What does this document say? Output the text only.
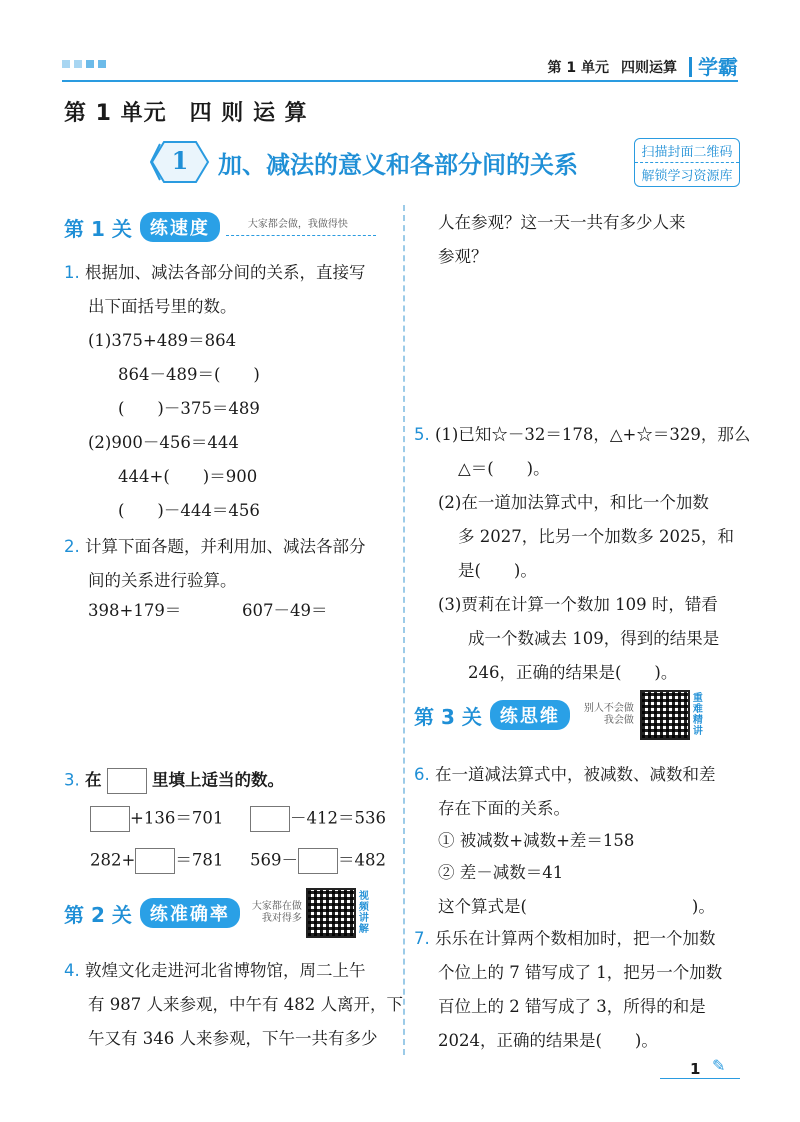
第 1 单元 四则运算	学霸
第 1 单元　四 则 运 算
1	加、减法的意义和各部分间的关系	扫描封面二维码
解锁学习资源库
第 1 关	练速度	大家都会做，我做得快
1. 根据加、减法各部分间的关系，直接写
出下面括号里的数。
(1)375+489＝864
864－489＝(　　)
(　　)－375＝489
(2)900－456＝444
444+(　　)＝900
(　　)－444＝456
2. 计算下面各题，并利用加、减法各部分
间的关系进行验算。
398+179＝	607－49＝
3. 在	里填上适当的数。
+136＝701	－412＝536
282+ ＝781 569－ ＝482
第 2 关	练准确率	大家都在做
我对得多
视频讲解
4. 敦煌文化走进河北省博物馆，周二上午
有 987 人来参观，中午有 482 人离开，下
午又有 346 人来参观，下午一共有多少
人在参观？这一天一共有多少人来
参观？
5. (1)已知☆－32＝178，△+☆＝329，那么
△＝(　　)。
(2)在一道加法算式中，和比一个加数
多 2027，比另一个加数多 2025，和
是(　　)。
(3)贾莉在计算一个数加 109 时，错看
成一个数减去 109，得到的结果是
246，正确的结果是(　　)。
第 3 关	练思维	别人不会做
我会做
重难精讲
6. 在一道减法算式中，被减数、减数和差
存在下面的关系。
① 被减数+减数+差＝158
② 差－减数＝41
这个算式是(　　　　　　　　　　)。
7. 乐乐在计算两个数相加时，把一个加数
个位上的 7 错写成了 1，把另一个加数
百位上的 2 错写成了 3，所得的和是
2024，正确的结果是(　　)。
1 ✎
